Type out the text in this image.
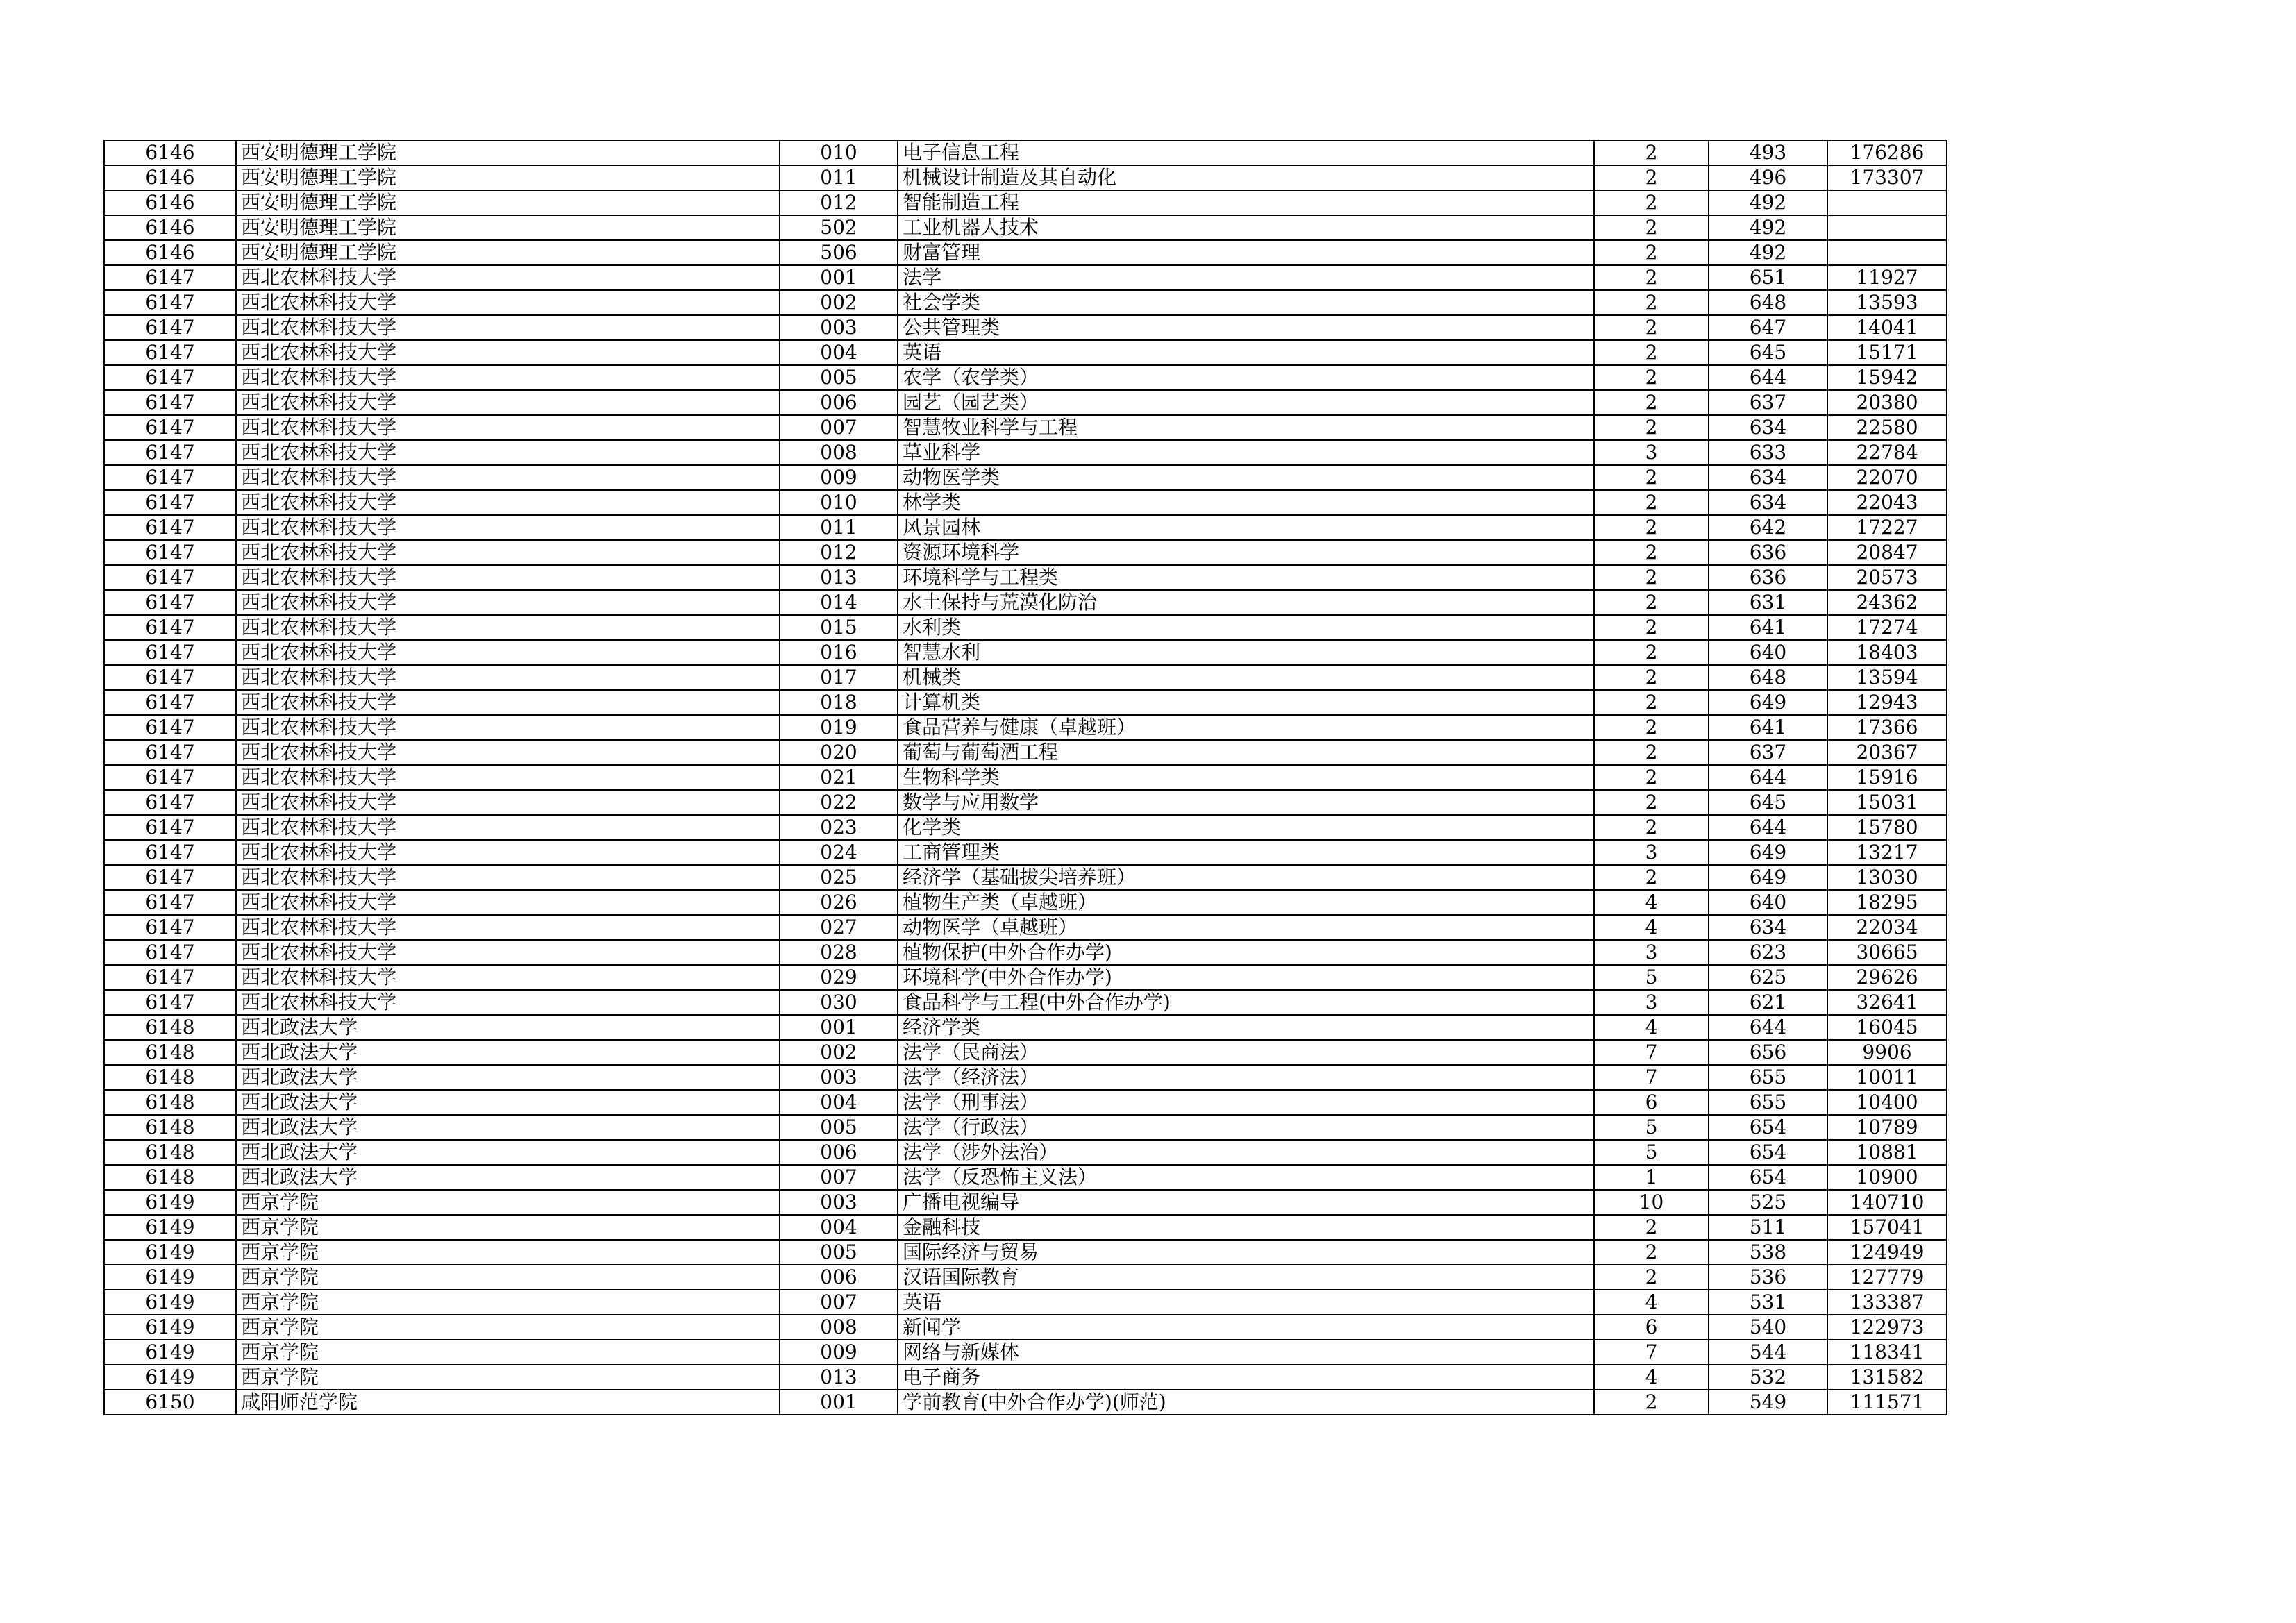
6146	西安明德理工学院	010	电子信息工程	2	493	176286
6146	西安明德理工学院	011	机械设计制造及其自动化	2	496	173307
6146	西安明德理工学院	012	智能制造工程	2	492	
6146	西安明德理工学院	502	工业机器人技术	2	492	
6146	西安明德理工学院	506	财富管理	2	492	
6147	西北农林科技大学	001	法学	2	651	11927
6147	西北农林科技大学	002	社会学类	2	648	13593
6147	西北农林科技大学	003	公共管理类	2	647	14041
6147	西北农林科技大学	004	英语	2	645	15171
6147	西北农林科技大学	005	农学（农学类）	2	644	15942
6147	西北农林科技大学	006	园艺（园艺类）	2	637	20380
6147	西北农林科技大学	007	智慧牧业科学与工程	2	634	22580
6147	西北农林科技大学	008	草业科学	3	633	22784
6147	西北农林科技大学	009	动物医学类	2	634	22070
6147	西北农林科技大学	010	林学类	2	634	22043
6147	西北农林科技大学	011	风景园林	2	642	17227
6147	西北农林科技大学	012	资源环境科学	2	636	20847
6147	西北农林科技大学	013	环境科学与工程类	2	636	20573
6147	西北农林科技大学	014	水土保持与荒漠化防治	2	631	24362
6147	西北农林科技大学	015	水利类	2	641	17274
6147	西北农林科技大学	016	智慧水利	2	640	18403
6147	西北农林科技大学	017	机械类	2	648	13594
6147	西北农林科技大学	018	计算机类	2	649	12943
6147	西北农林科技大学	019	食品营养与健康（卓越班）	2	641	17366
6147	西北农林科技大学	020	葡萄与葡萄酒工程	2	637	20367
6147	西北农林科技大学	021	生物科学类	2	644	15916
6147	西北农林科技大学	022	数学与应用数学	2	645	15031
6147	西北农林科技大学	023	化学类	2	644	15780
6147	西北农林科技大学	024	工商管理类	3	649	13217
6147	西北农林科技大学	025	经济学（基础拔尖培养班）	2	649	13030
6147	西北农林科技大学	026	植物生产类（卓越班）	4	640	18295
6147	西北农林科技大学	027	动物医学（卓越班）	4	634	22034
6147	西北农林科技大学	028	植物保护(中外合作办学)	3	623	30665
6147	西北农林科技大学	029	环境科学(中外合作办学)	5	625	29626
6147	西北农林科技大学	030	食品科学与工程(中外合作办学)	3	621	32641
6148	西北政法大学	001	经济学类	4	644	16045
6148	西北政法大学	002	法学（民商法）	7	656	9906
6148	西北政法大学	003	法学（经济法）	7	655	10011
6148	西北政法大学	004	法学（刑事法）	6	655	10400
6148	西北政法大学	005	法学（行政法）	5	654	10789
6148	西北政法大学	006	法学（涉外法治）	5	654	10881
6148	西北政法大学	007	法学（反恐怖主义法）	1	654	10900
6149	西京学院	003	广播电视编导	10	525	140710
6149	西京学院	004	金融科技	2	511	157041
6149	西京学院	005	国际经济与贸易	2	538	124949
6149	西京学院	006	汉语国际教育	2	536	127779
6149	西京学院	007	英语	4	531	133387
6149	西京学院	008	新闻学	6	540	122973
6149	西京学院	009	网络与新媒体	7	544	118341
6149	西京学院	013	电子商务	4	532	131582
6150	咸阳师范学院	001	学前教育(中外合作办学)(师范)	2	549	111571
